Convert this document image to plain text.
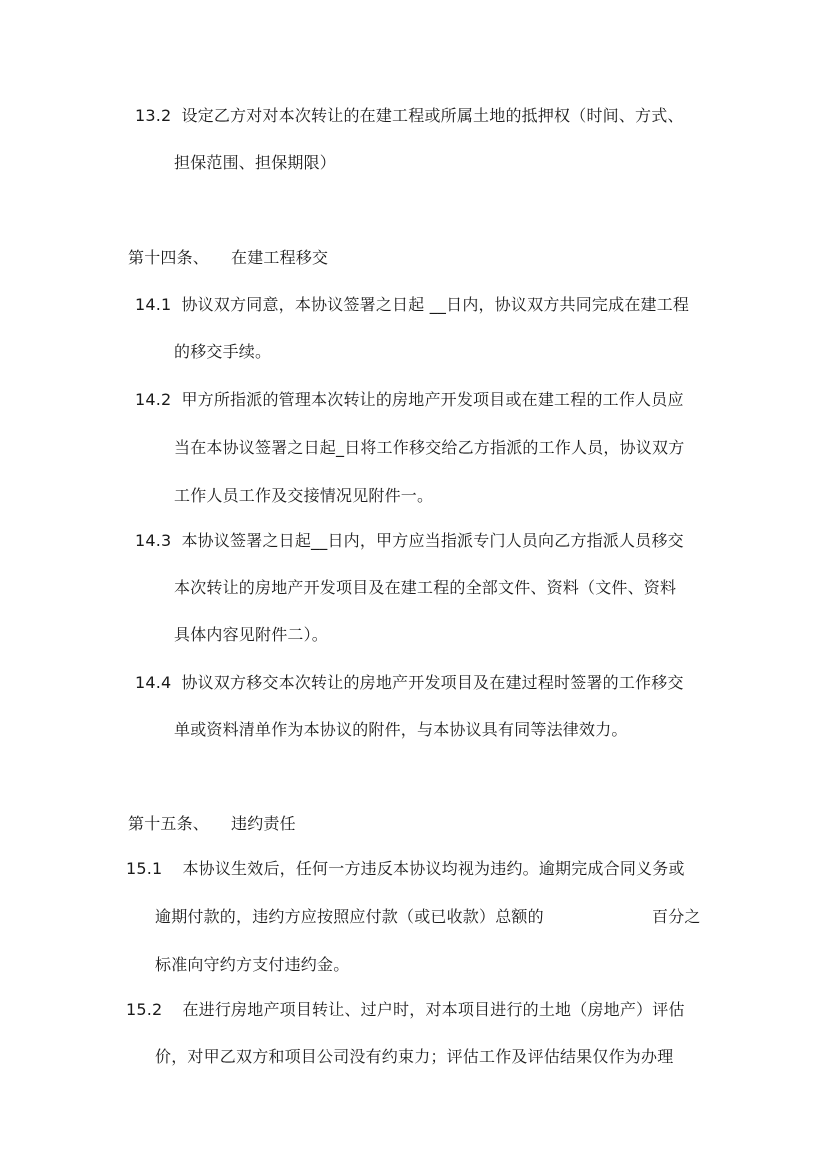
13.2 设定乙方对对本次转让的在建工程或所属土地的抵押权（时间、方式、
担保范围、担保期限）
第十四条、 在建工程移交
14.1 协议双方同意，本协议签署之日起 __日内，协议双方共同完成在建工程
的移交手续。
14.2 甲方所指派的管理本次转让的房地产开发项目或在建工程的工作人员应
当在本协议签署之日起_日将工作移交给乙方指派的工作人员，协议双方
工作人员工作及交接情况见附件一。
14.3 本协议签署之日起__日内，甲方应当指派专门人员向乙方指派人员移交
本次转让的房地产开发项目及在建工程的全部文件、资料（文件、资料
具体内容见附件二）。
14.4 协议双方移交本次转让的房地产开发项目及在建过程时签署的工作移交
单或资料清单作为本协议的附件，与本协议具有同等法律效力。
第十五条、 违约责任
15.1 本协议生效后，任何一方违反本协议均视为违约。逾期完成合同义务或
逾期付款的，违约方应按照应付款（或已收款）总额的	百分之
标准向守约方支付违约金。
15.2 在进行房地产项目转让、过户时，对本项目进行的土地（房地产）评估
价，对甲乙双方和项目公司没有约束力；评估工作及评估结果仅作为办理
